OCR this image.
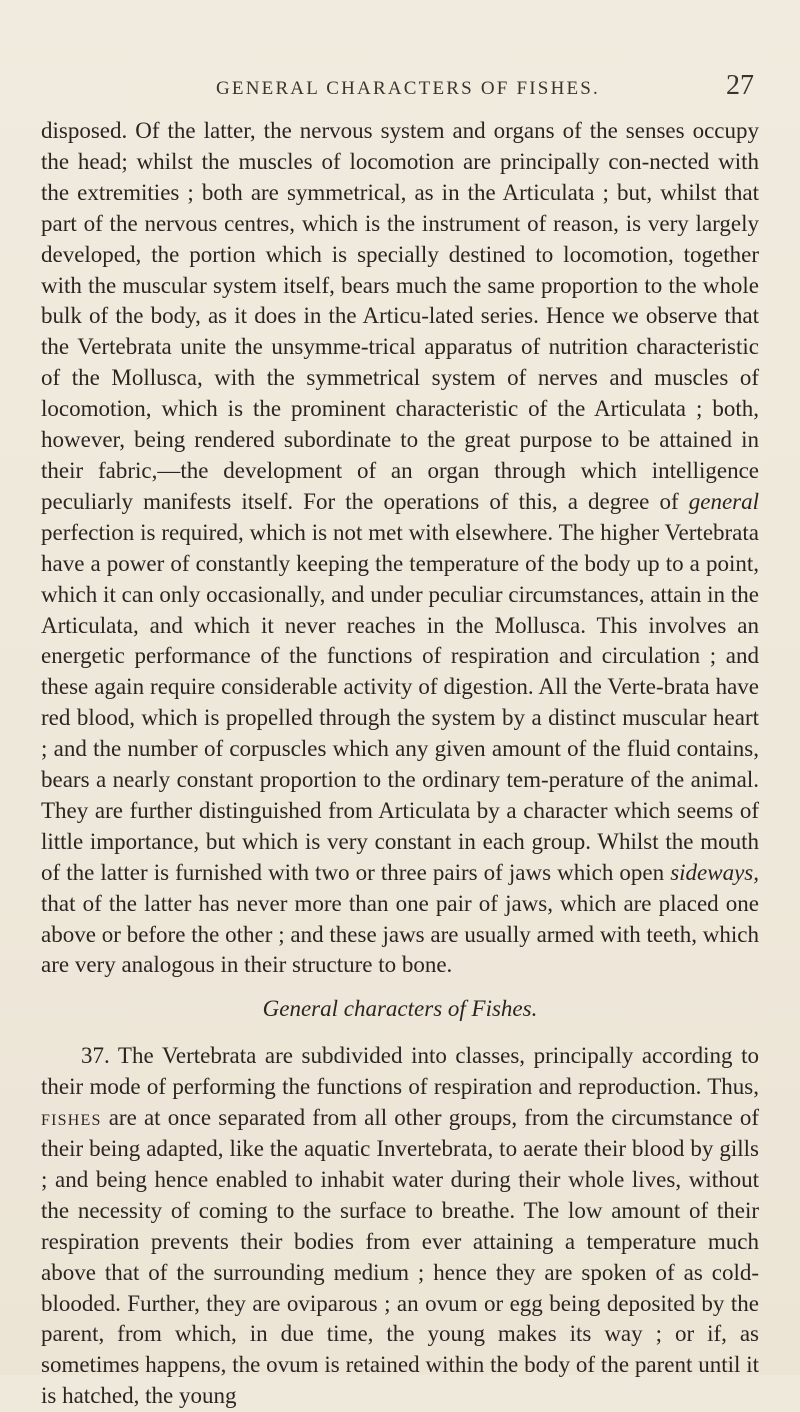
GENERAL CHARACTERS OF FISHES.	27

disposed. Of the latter, the nervous system and organs of the senses occupy the head; whilst the muscles of locomotion are principally con-nected with the extremities ; both are symmetrical, as in the Articulata ; but, whilst that part of the nervous centres, which is the instrument of reason, is very largely developed, the portion which is specially destined to locomotion, together with the muscular system itself, bears much the same proportion to the whole bulk of the body, as it does in the Articu-lated series. Hence we observe that the Vertebrata unite the unsymme-trical apparatus of nutrition characteristic of the Mollusca, with the symmetrical system of nerves and muscles of locomotion, which is the prominent characteristic of the Articulata ; both, however, being rendered subordinate to the great purpose to be attained in their fabric,—the development of an organ through which intelligence peculiarly manifests itself. For the operations of this, a degree of general perfection is required, which is not met with elsewhere. The higher Vertebrata have a power of constantly keeping the temperature of the body up to a point, which it can only occasionally, and under peculiar circumstances, attain in the Articulata, and which it never reaches in the Mollusca. This involves an energetic performance of the functions of respiration and circulation ; and these again require considerable activity of digestion. All the Verte-brata have red blood, which is propelled through the system by a distinct muscular heart ; and the number of corpuscles which any given amount of the fluid contains, bears a nearly constant proportion to the ordinary tem-perature of the animal. They are further distinguished from Articulata by a character which seems of little importance, but which is very constant in each group. Whilst the mouth of the latter is furnished with two or three pairs of jaws which open sideways, that of the latter has never more than one pair of jaws, which are placed one above or before the other ; and these jaws are usually armed with teeth, which are very analogous in their structure to bone.

General characters of Fishes.

37. The Vertebrata are subdivided into classes, principally according to their mode of performing the functions of respiration and reproduction. Thus, fishes are at once separated from all other groups, from the circumstance of their being adapted, like the aquatic Invertebrata, to aerate their blood by gills ; and being hence enabled to inhabit water during their whole lives, without the necessity of coming to the surface to breathe. The low amount of their respiration prevents their bodies from ever attaining a temperature much above that of the surrounding medium ; hence they are spoken of as cold-blooded. Further, they are oviparous ; an ovum or egg being deposited by the parent, from which, in due time, the young makes its way ; or if, as sometimes happens, the ovum is retained within the body of the parent until it is hatched, the young
